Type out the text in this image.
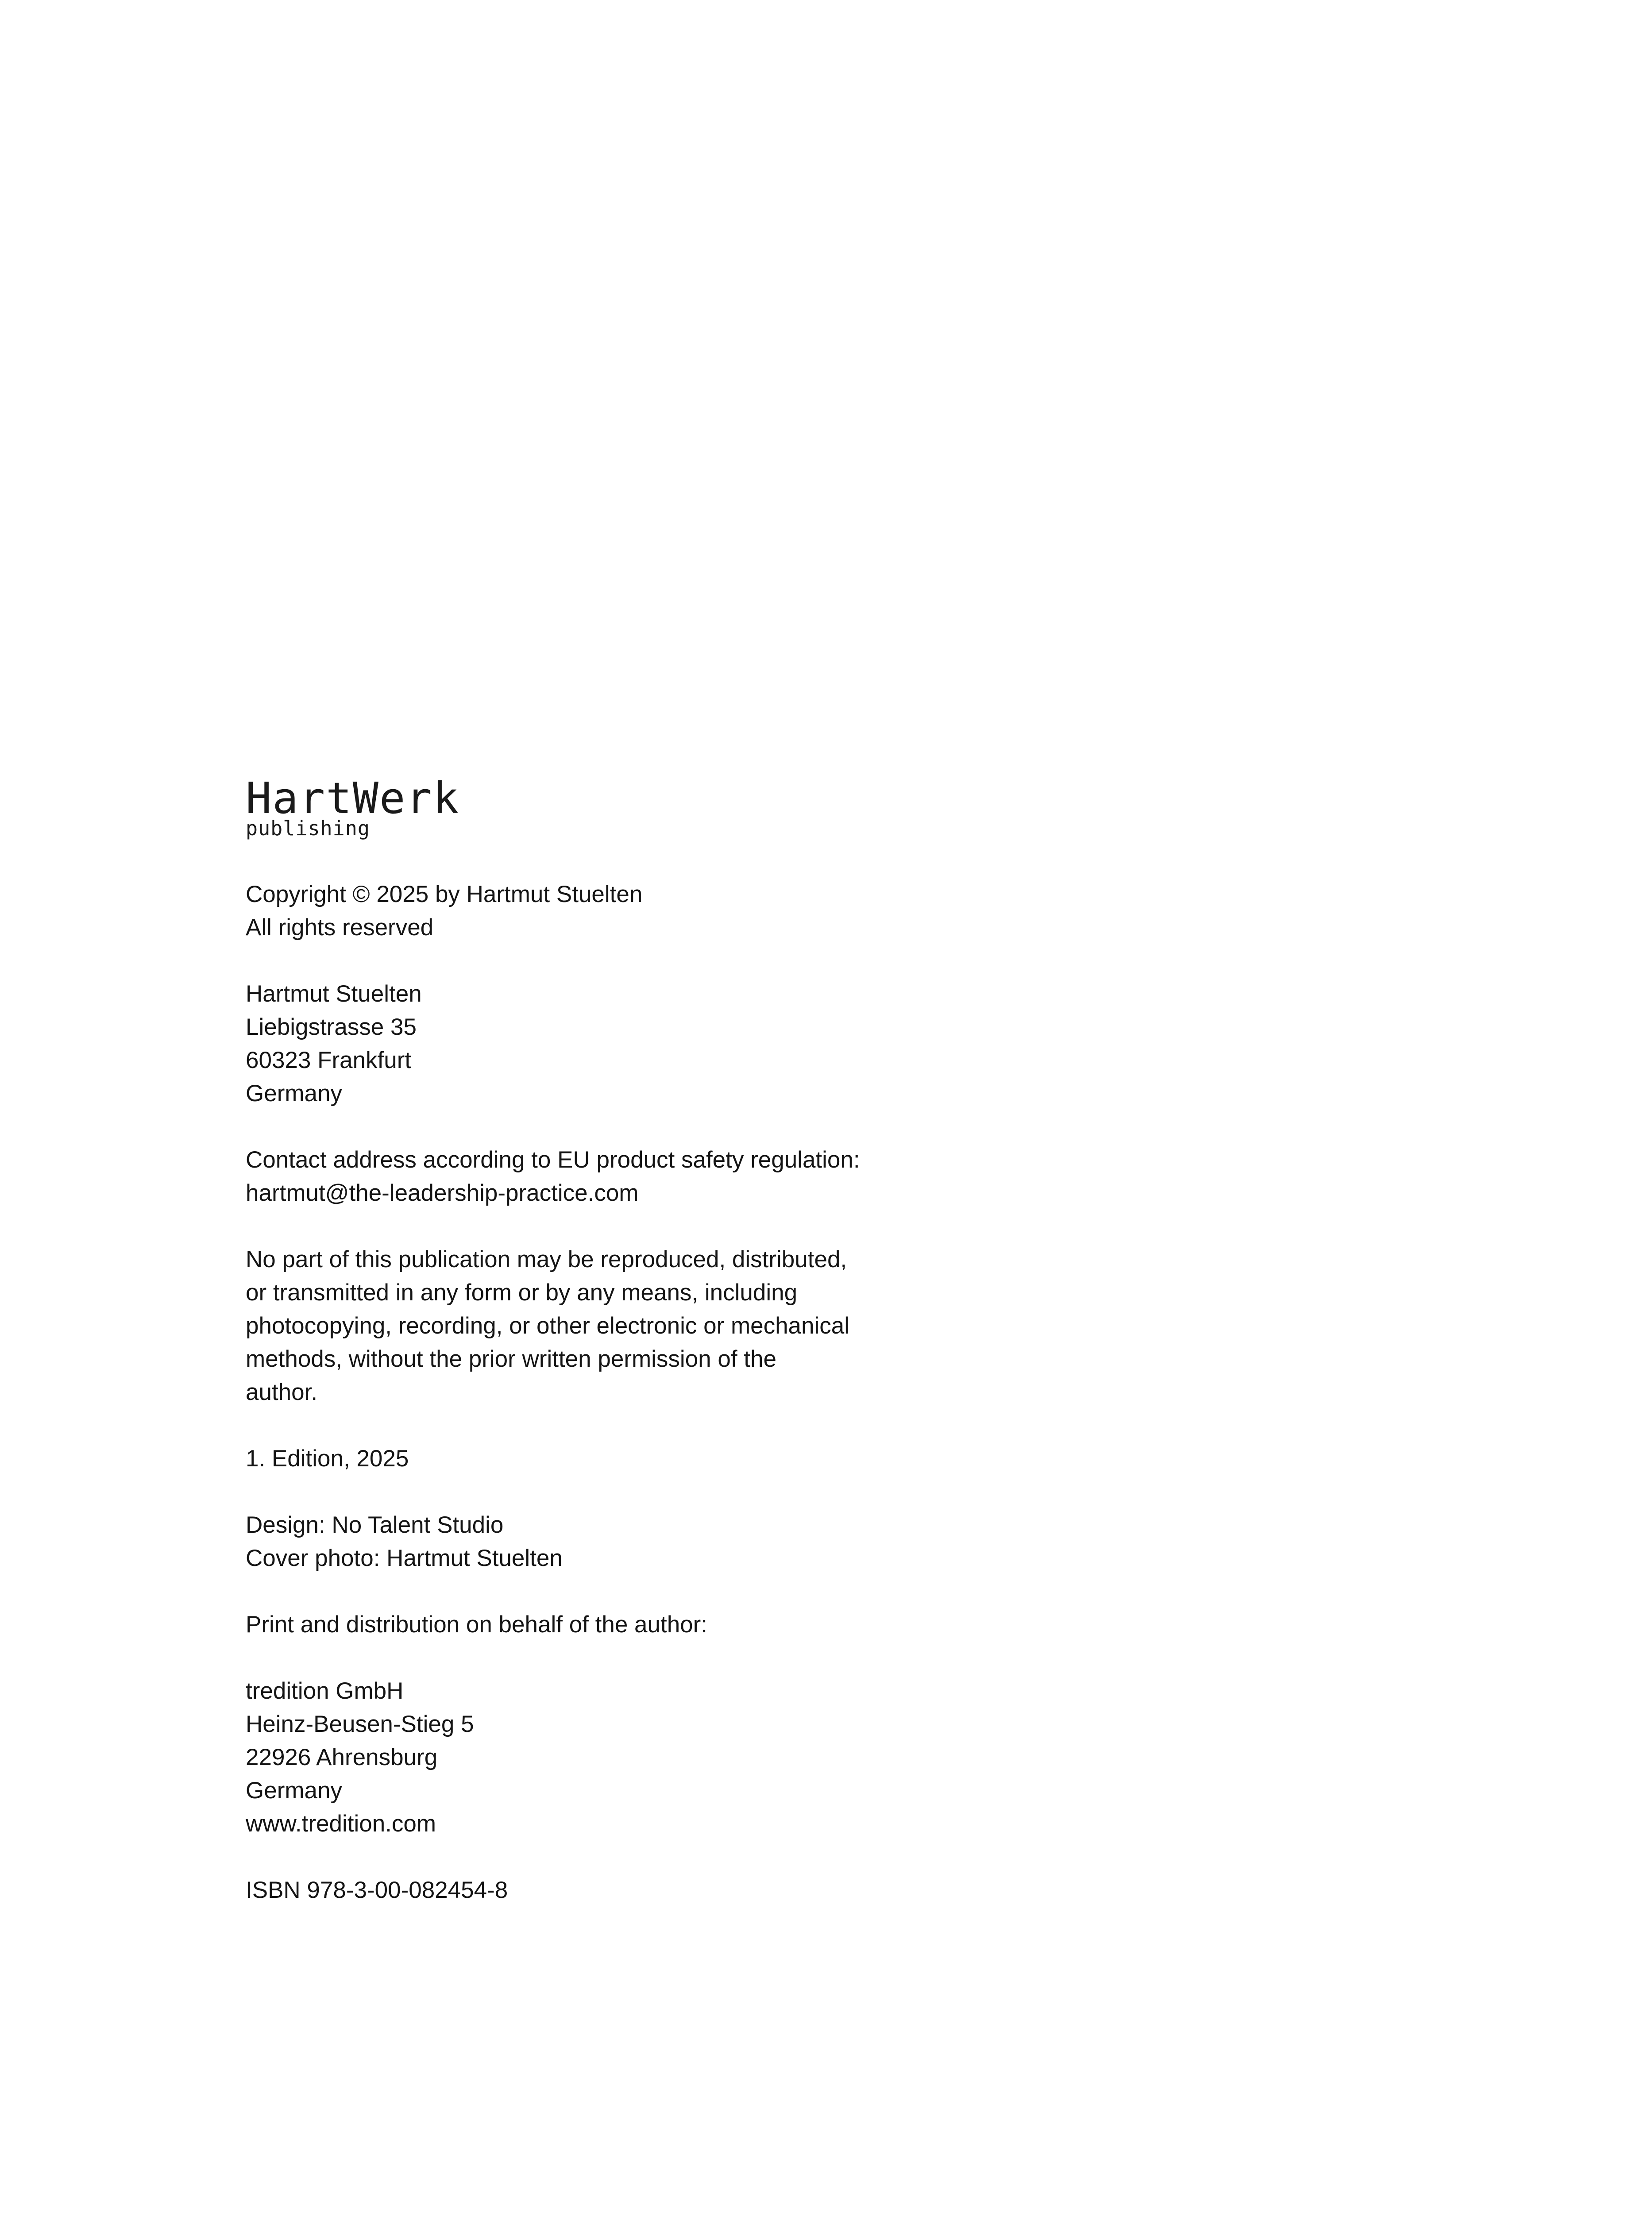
HartWerk
publishing
Copyright © 2025 by Hartmut Stuelten
All rights reserved
Hartmut Stuelten
Liebigstrasse 35
60323 Frankfurt
Germany
Contact address according to EU product safety regulation:
hartmut@the-leadership-practice.com
No part of this publication may be reproduced, distributed,
or transmitted in any form or by any means, including
photocopying, recording, or other electronic or mechanical
methods, without the prior written permission of the
author.
1. Edition, 2025
Design: No Talent Studio
Cover photo: Hartmut Stuelten
Print and distribution on behalf of the author:
tredition GmbH
Heinz-Beusen-Stieg 5
22926 Ahrensburg
Germany
www.tredition.com
ISBN 978-3-00-082454-8
